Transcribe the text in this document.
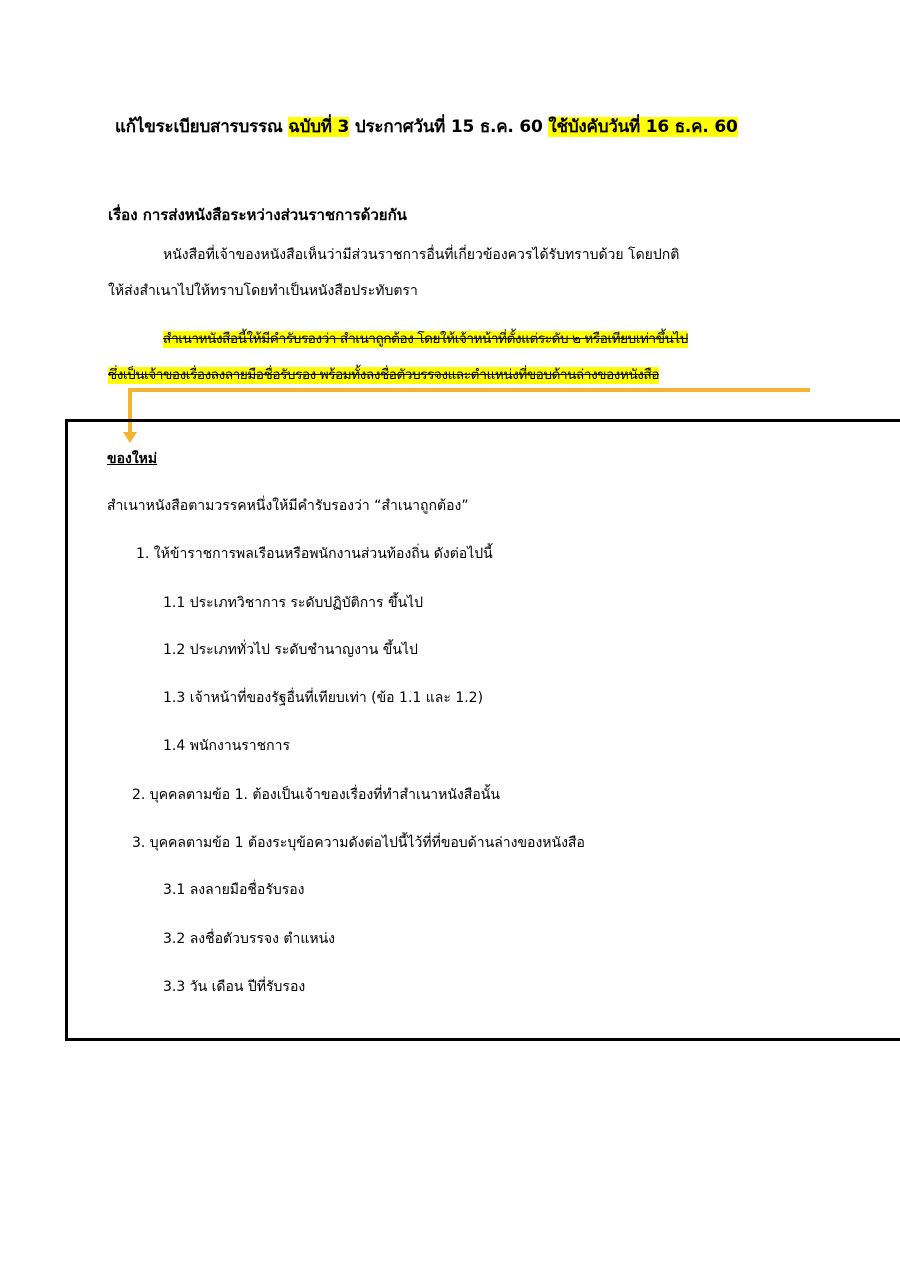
แก้ไขระเบียบสารบรรณ ฉบับที่ 3 ประกาศวันที่ 15 ธ.ค. 60 ใช้บังคับวันที่ 16 ธ.ค. 60
เรื่อง การส่งหนังสือระหว่างส่วนราชการด้วยกัน
หนังสือที่เจ้าของหนังสือเห็นว่ามีส่วนราชการอื่นที่เกี่ยวข้องควรได้รับทราบด้วย โดยปกติ
ให้ส่งสำเนาไปให้ทราบโดยทำเป็นหนังสือประทับตรา
สำเนาหนังสือนี้ให้มีคำรับรองว่า สำเนาถูกต้อง โดยให้เจ้าหน้าที่ตั้งแต่ระดับ ๒ หรือเทียบเท่าขึ้นไป
ซึ่งเป็นเจ้าของเรื่องลงลายมือชื่อรับรอง พร้อมทั้งลงชื่อตัวบรรจงและตำแหน่งที่ขอบด้านล่างของหนังสือ
ของใหม่
สำเนาหนังสือตามวรรคหนึ่งให้มีคำรับรองว่า “สำเนาถูกต้อง”
1. ให้ข้าราชการพลเรือนหรือพนักงานส่วนท้องถิ่น ดังต่อไปนี้
1.1 ประเภทวิชาการ ระดับปฏิบัติการ ขึ้นไป
1.2 ประเภททั่วไป ระดับชำนาญงาน ขึ้นไป
1.3 เจ้าหน้าที่ของรัฐอื่นที่เทียบเท่า (ข้อ 1.1 และ 1.2)
1.4 พนักงานราชการ
2. บุคคลตามข้อ 1. ต้องเป็นเจ้าของเรื่องที่ทำสำเนาหนังสือนั้น
3. บุคคลตามข้อ 1 ต้องระบุข้อความดังต่อไปนี้ไว้ที่ที่ขอบด้านล่างของหนังสือ
3.1 ลงลายมือชื่อรับรอง
3.2 ลงชื่อตัวบรรจง ตำแหน่ง
3.3 วัน เดือน ปีที่รับรอง
